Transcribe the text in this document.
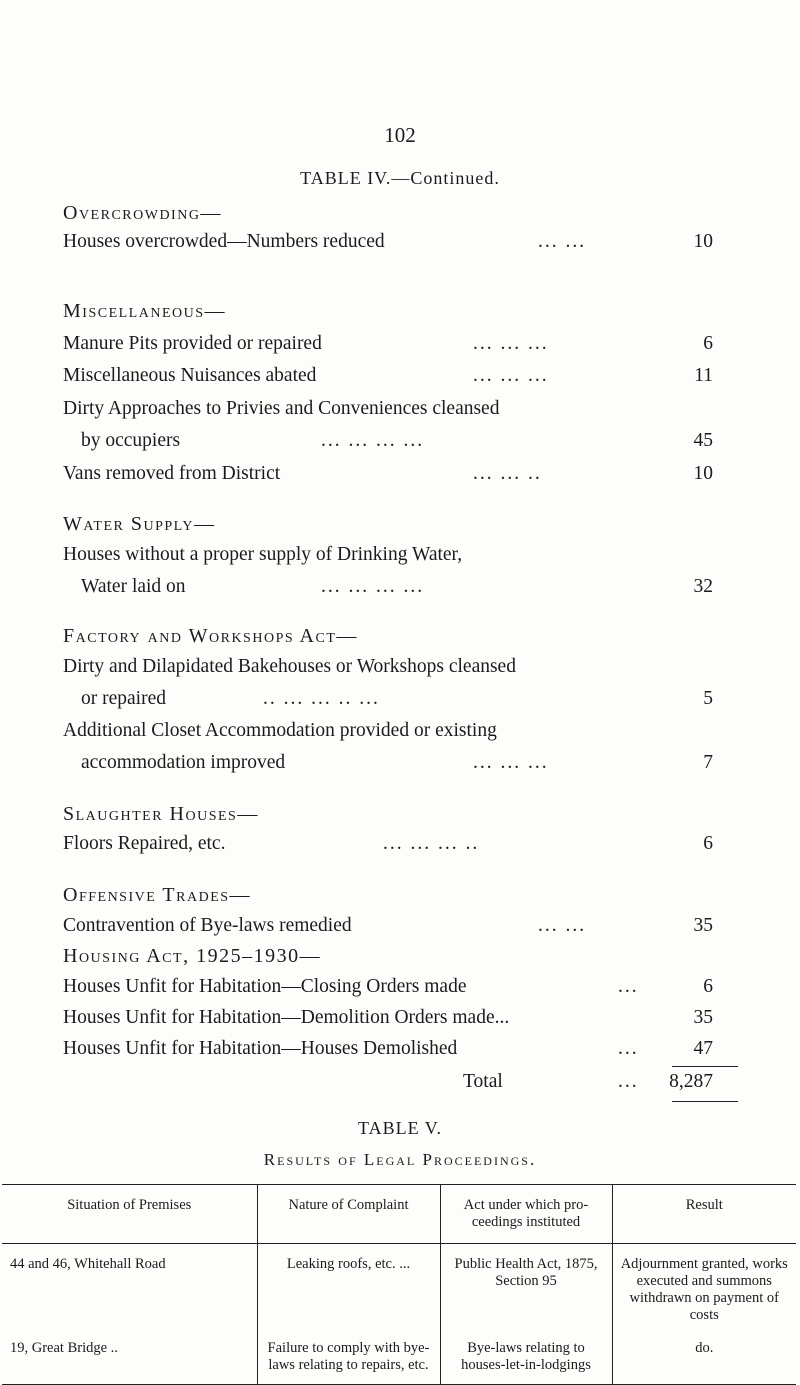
102
TABLE IV.—Continued.
Overcrowding—
Houses overcrowded—Numbers reduced	... ...	10
Miscellaneous—
Manure Pits provided or repaired	... ... ...	6
Miscellaneous Nuisances abated	... ... ...	11
Dirty Approaches to Privies and Conveniences cleansed
by occupiers	... ... ... ...	45
Vans removed from District	... ... ..	10
Water Supply—
Houses without a proper supply of Drinking Water,
Water laid on	... ... ... ...	32
Factory and Workshops Act—
Dirty and Dilapidated Bakehouses or Workshops cleansed
or repaired	.. ... ... .. ...	5
Additional Closet Accommodation provided or existing
accommodation improved	... ... ...	7
Slaughter Houses—
Floors Repaired, etc.	... ... ... ..	6
Offensive Trades—
Contravention of Bye-laws remedied	... ...	35
Housing Act, 1925–1930—
Houses Unfit for Habitation—Closing Orders made	...	6
Houses Unfit for Habitation—Demolition Orders made...	35
Houses Unfit for Habitation—Houses Demolished	...	47
Total	...	8,287
TABLE V.
Results of Legal Proceedings.
Situation of Premises	Nature of Complaint	Act under which pro-ceedings instituted	Result
44 and 46, Whitehall Road	Leaking roofs, etc. ...	Public Health Act, 1875, Section 95	Adjournment granted, works executed and summons withdrawn on payment of costs
19, Great Bridge ..	Failure to comply with bye-laws relating to repairs, etc.	Bye-laws relating to houses-let-in-lodgings	do.
